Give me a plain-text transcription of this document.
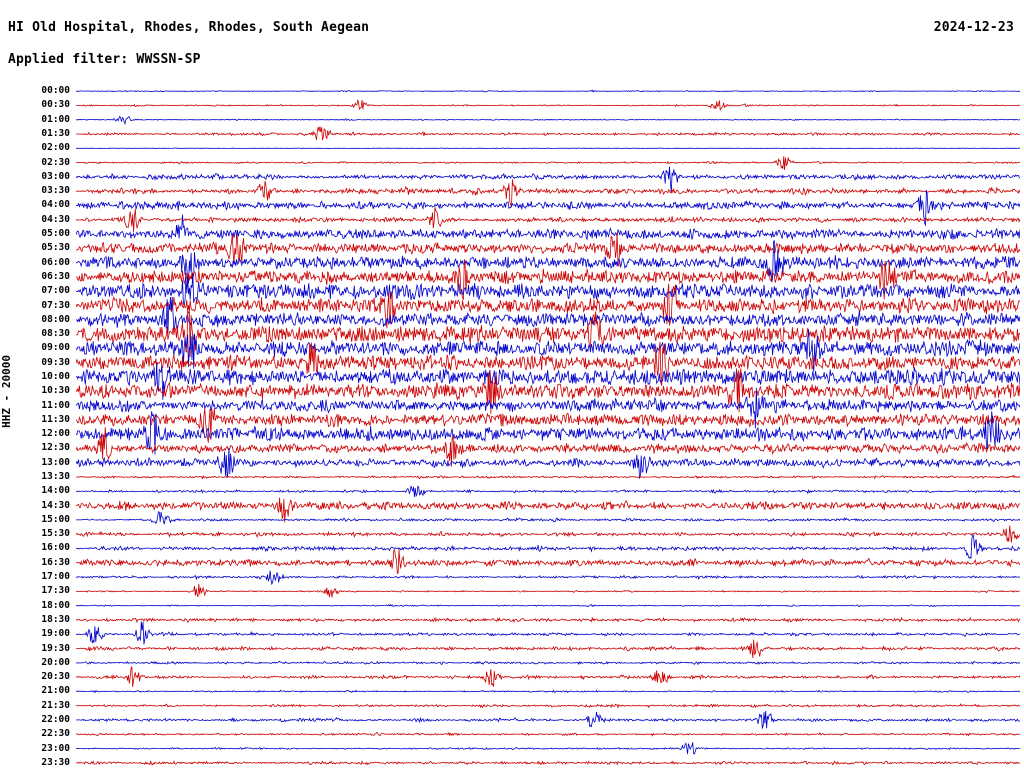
HI Old Hospital, Rhodes, Rhodes, South Aegean	2024-12-23
Applied filter: WWSSN-SP
HHZ - 20000
00:00
00:30
01:00
01:30
02:00
02:30
03:00
03:30
04:00
04:30
05:00
05:30
06:00
06:30
07:00
07:30
08:00
08:30
09:00
09:30
10:00
10:30
11:00
11:30
12:00
12:30
13:00
13:30
14:00
14:30
15:00
15:30
16:00
16:30
17:00
17:30
18:00
18:30
19:00
19:30
20:00
20:30
21:00
21:30
22:00
22:30
23:00
23:30
